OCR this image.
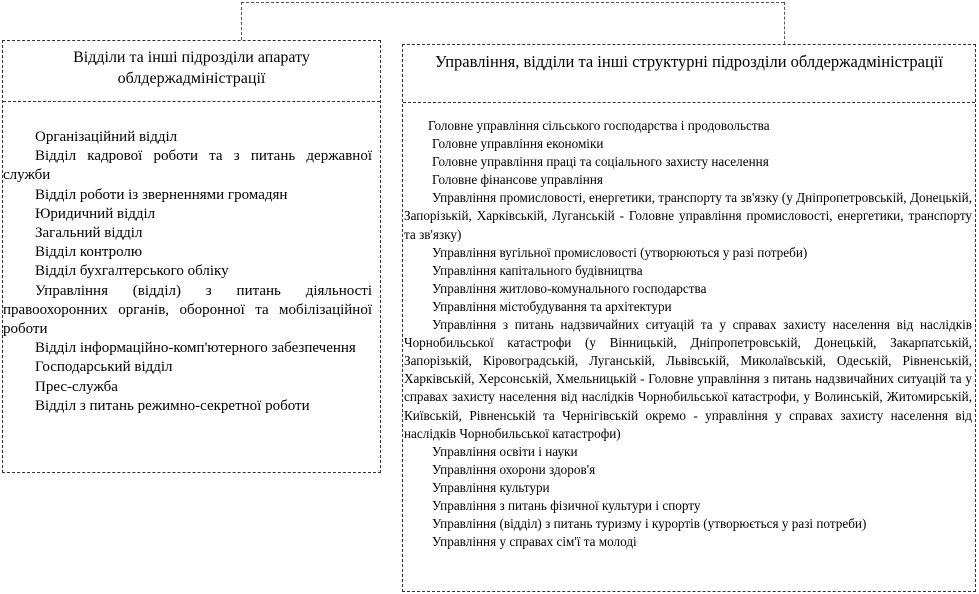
Відділи та інші підрозділи апарату облдержадміністрації
Організаційний відділ
Відділ кадрової роботи та з питань державної служби
Відділ роботи із зверненнями громадян
Юридичний відділ
Загальний відділ
Відділ контролю
Відділ бухгалтерського обліку
Управління (відділ) з питань діяльності правоохоронних органів, оборонної та мобілізаційної роботи
Відділ інформаційно-комп'ютерного забезпечення
Господарський відділ
Прес-служба
Відділ з питань режимно-секретної роботи
Управління, відділи та інші структурні підрозділи облдержадміністрації
Головне управління сільського господарства і продовольства
Головне управління економіки
Головне управління праці та соціального захисту населення
Головне фінансове управління
Управління промисловості, енергетики, транспорту та зв'язку (у Дніпропетровській, Донецькій, Запорізькій, Харківській, Луганській - Головне управління промисловості, енергетики, транспорту та зв'язку)
Управління вугільної промисловості (утворюються у разі потреби)
Управління капітального будівництва
Управління житлово-комунального господарства
Управління містобудування та архітектури
Управління з питань надзвичайних ситуацій та у справах захисту населення від наслідків Чорнобильської катастрофи (у Вінницькій, Дніпропетровській, Донецькій, Закарпатській, Запорізькій, Кіровоградській, Луганській, Львівській, Миколаївській, Одеській, Рівненській, Харківській, Херсонській, Хмельницькій - Головне управління з питань надзвичайних ситуацій та у справах захисту населення від наслідків Чорнобильської катастрофи, у Волинській, Житомирській, Київській, Рівненській та Чернігівській окремо - управління у справах захисту населення від наслідків Чорнобильської катастрофи)
Управління освіти і науки
Управління охорони здоров'я
Управління культури
Управління з питань фізичної культури і спорту
Управління (відділ) з питань туризму і курортів (утворюється у разі потреби)
Управління у справах сім'ї та молоді
